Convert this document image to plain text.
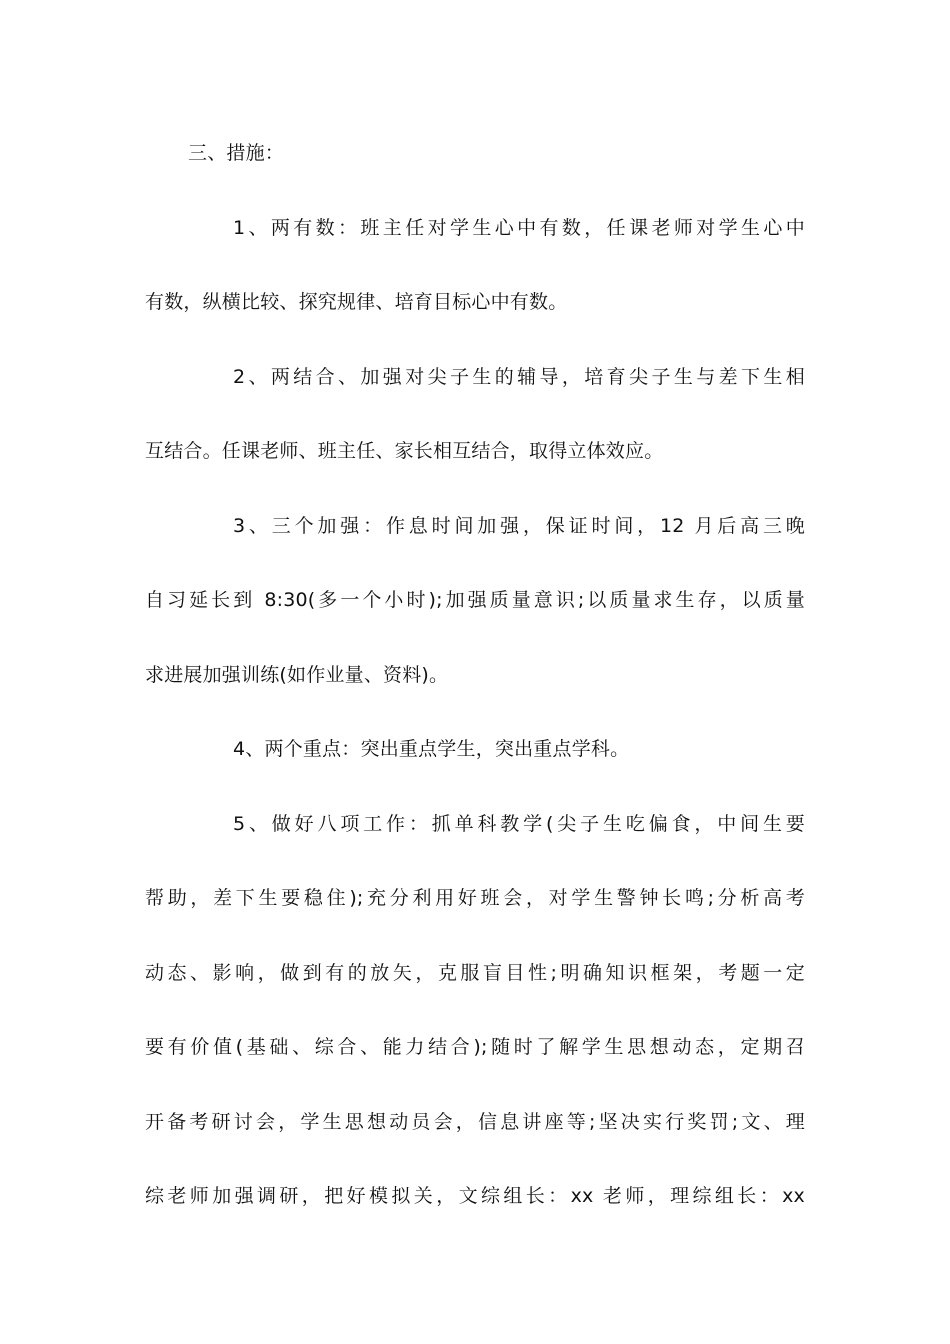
三、措施：
1、两有数：班主任对学生心中有数，任课老师对学生心中
有数，纵横比较、探究规律、培育目标心中有数。
2、两结合、加强对尖子生的辅导，培育尖子生与差下生相
互结合。任课老师、班主任、家长相互结合，取得立体效应。
3、三个加强：作息时间加强，保证时间，12 月后高三晚
自习延长到 8:30(多一个小时);加强质量意识;以质量求生存，以质量
求进展加强训练(如作业量、资料)。
4、两个重点：突出重点学生，突出重点学科。
5、做好八项工作：抓单科教学(尖子生吃偏食，中间生要
帮助，差下生要稳住);充分利用好班会，对学生警钟长鸣;分析高考
动态、影响，做到有的放矢，克服盲目性;明确知识框架，考题一定
要有价值(基础、综合、能力结合);随时了解学生思想动态，定期召
开备考研讨会，学生思想动员会，信息讲座等;坚决实行奖罚;文、理
综老师加强调研，把好模拟关，文综组长：xx 老师，理综组长：xx
